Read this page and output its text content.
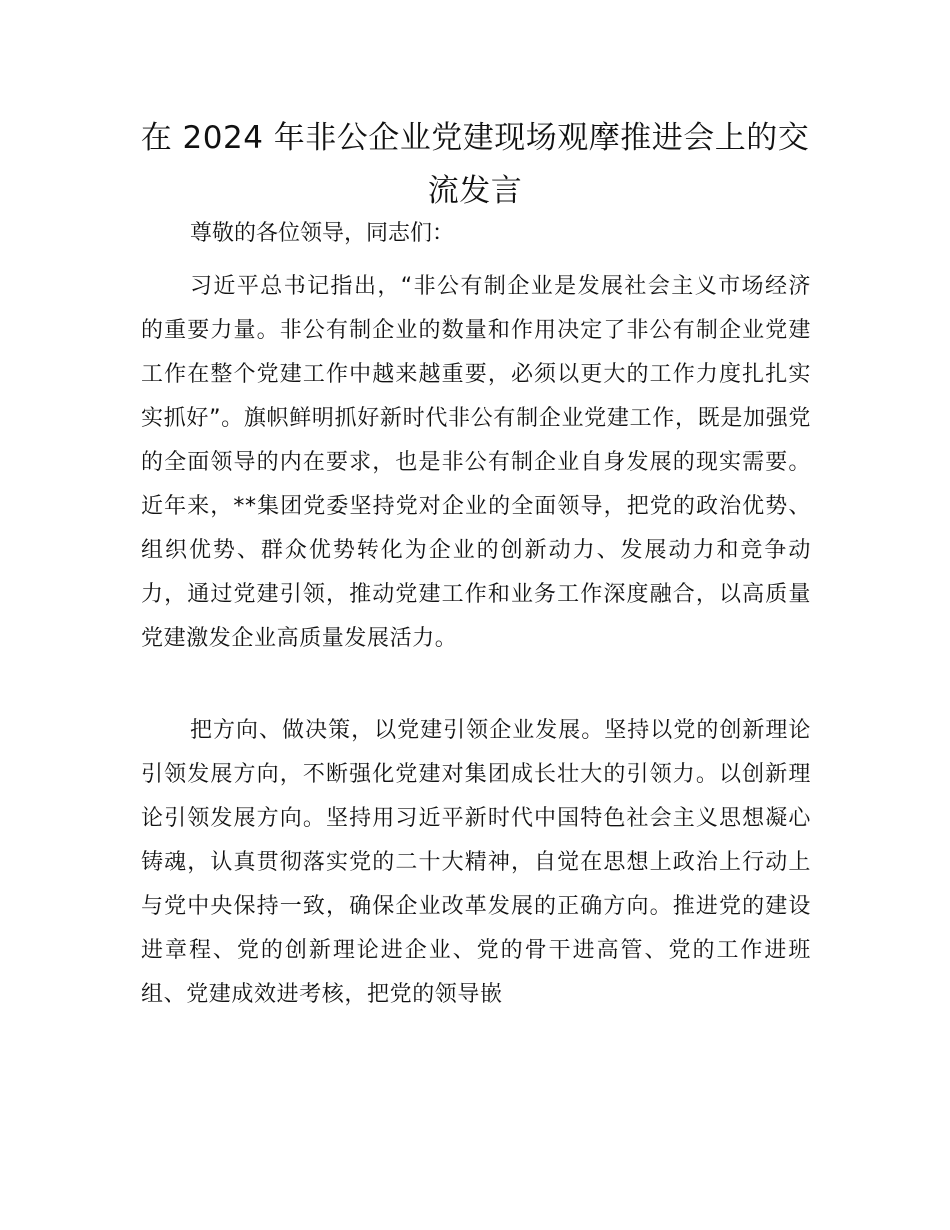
在 2024 年非公企业党建现场观摩推进会上的交流发言

尊敬的各位领导，同志们：

习近平总书记指出，“非公有制企业是发展社会主义市场经济的重要力量。非公有制企业的数量和作用决定了非公有制企业党建工作在整个党建工作中越来越重要，必须以更大的工作力度扎扎实实抓好”。旗帜鲜明抓好新时代非公有制企业党建工作，既是加强党的全面领导的内在要求，也是非公有制企业自身发展的现实需要。近年来，**集团党委坚持党对企业的全面领导，把党的政治优势、组织优势、群众优势转化为企业的创新动力、发展动力和竞争动力，通过党建引领，推动党建工作和业务工作深度融合，以高质量党建激发企业高质量发展活力。

把方向、做决策，以党建引领企业发展。坚持以党的创新理论引领发展方向，不断强化党建对集团成长壮大的引领力。以创新理论引领发展方向。坚持用习近平新时代中国特色社会主义思想凝心铸魂，认真贯彻落实党的二十大精神，自觉在思想上政治上行动上与党中央保持一致，确保企业改革发展的正确方向。推进党的建设进章程、党的创新理论进企业、党的骨干进高管、党的工作进班组、党建成效进考核，把党的领导嵌
